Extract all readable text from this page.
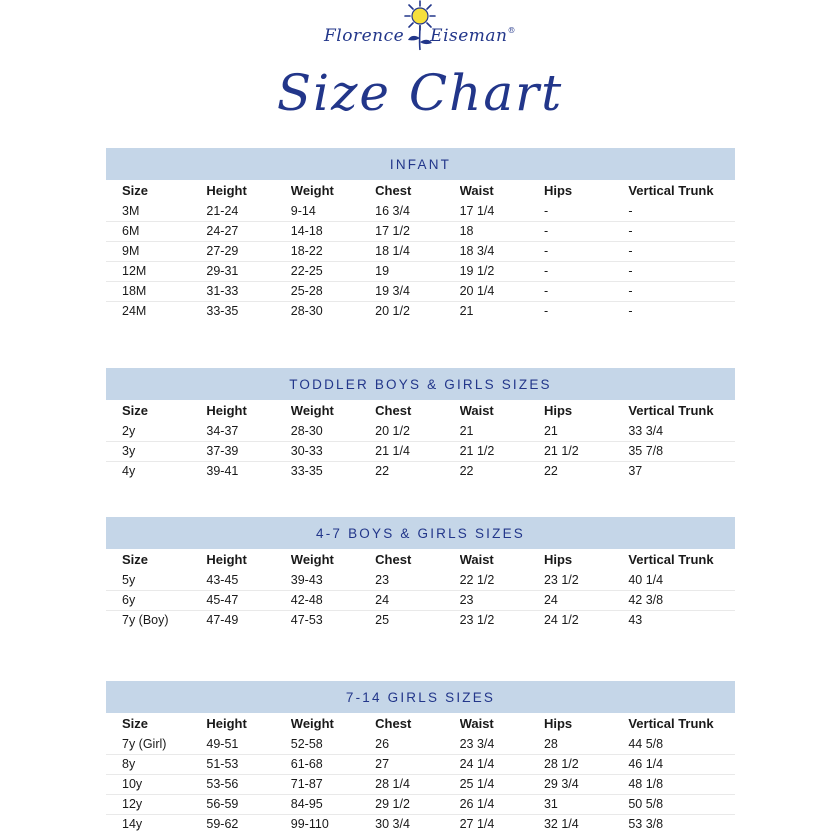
Florence Eiseman®
Size Chart
INFANT
Size	Height	Weight	Chest	Waist	Hips	Vertical Trunk
3M	21-24	9-14	16 3/4	17 1/4	-	-
6M	24-27	14-18	17 1/2	18	-	-
9M	27-29	18-22	18 1/4	18 3/4	-	-
12M	29-31	22-25	19	19 1/2	-	-
18M	31-33	25-28	19 3/4	20 1/4	-	-
24M	33-35	28-30	20 1/2	21	-	-
TODDLER BOYS & GIRLS SIZES
Size	Height	Weight	Chest	Waist	Hips	Vertical Trunk
2y	34-37	28-30	20 1/2	21	21	33 3/4
3y	37-39	30-33	21 1/4	21 1/2	21 1/2	35 7/8
4y	39-41	33-35	22	22	22	37
4-7 BOYS & GIRLS SIZES
Size	Height	Weight	Chest	Waist	Hips	Vertical Trunk
5y	43-45	39-43	23	22 1/2	23 1/2	40 1/4
6y	45-47	42-48	24	23	24	42 3/8
7y (Boy)	47-49	47-53	25	23 1/2	24 1/2	43
7-14 GIRLS SIZES
Size	Height	Weight	Chest	Waist	Hips	Vertical Trunk
7y (Girl)	49-51	52-58	26	23 3/4	28	44 5/8
8y	51-53	61-68	27	24 1/4	28 1/2	46 1/4
10y	53-56	71-87	28 1/4	25 1/4	29 3/4	48 1/8
12y	56-59	84-95	29 1/2	26 1/4	31	50 5/8
14y	59-62	99-110	30 3/4	27 1/4	32 1/4	53 3/8
